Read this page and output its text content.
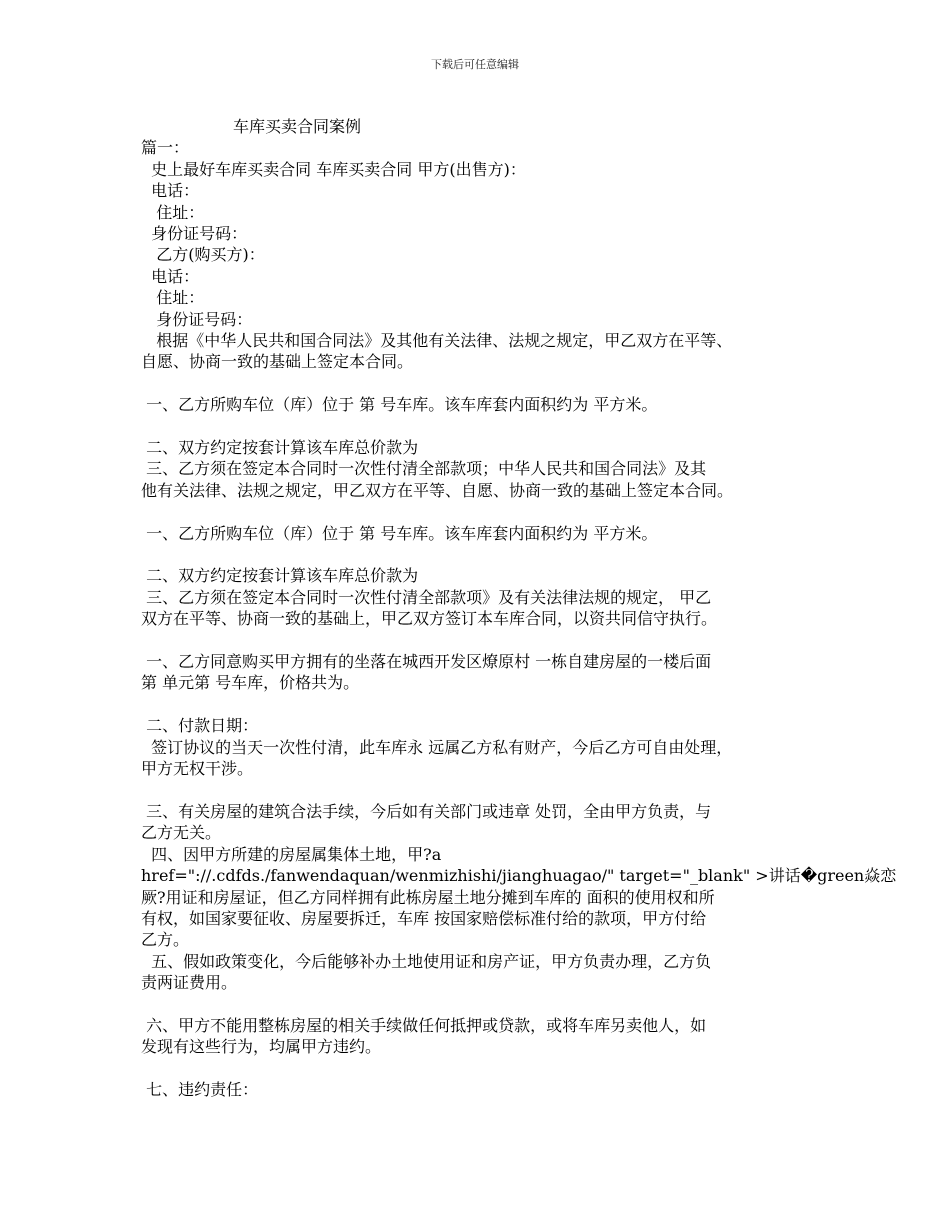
下载后可任意编辑
车库买卖合同案例
篇一：
史上最好车库买卖合同 车库买卖合同 甲方(出售方)：
电话：
住址：
身份证号码：
乙方(购买方)：
电话：
住址：
身份证号码：
根据《中华人民共和国合同法》及其他有关法律、法规之规定，甲乙双方在平等、
自愿、协商一致的基础上签定本合同。
一、乙方所购车位（库）位于 第 号车库。该车库套内面积约为 平方米。
二、双方约定按套计算该车库总价款为
三、乙方须在签定本合同时一次性付清全部款项；中华人民共和国合同法》及其
他有关法律、法规之规定，甲乙双方在平等、自愿、协商一致的基础上签定本合同。
一、乙方所购车位（库）位于 第 号车库。该车库套内面积约为 平方米。
二、双方约定按套计算该车库总价款为
三、乙方须在签定本合同时一次性付清全部款项》及有关法律法规的规定， 甲乙
双方在平等、协商一致的基础上，甲乙双方签订本车库合同，以资共同信守执行。
一、乙方同意购买甲方拥有的坐落在城西开发区燎原村 一栋自建房屋的一楼后面
第 单元第 号车库，价格共为。
二、付款日期：
签订协议的当天一次性付清，此车库永 远属乙方私有财产，今后乙方可自由处理，
甲方无权干涉。
三、有关房屋的建筑合法手续，今后如有关部门或违章 处罚，全由甲方负责，与
乙方无关。
四、因甲方所建的房屋属集体土地，甲?a
href="://.cdfds./fanwendaquan/wenmizhishi/jianghuagao/" target="_blank" >讲话�green焱恋
厥?用证和房屋证，但乙方同样拥有此栋房屋土地分摊到车库的 面积的使用权和所
有权，如国家要征收、房屋要拆迁，车库 按国家赔偿标准付给的款项，甲方付给
乙方。
五、假如政策变化，今后能够补办土地使用证和房产证，甲方负责办理，乙方负
责两证费用。
六、甲方不能用整栋房屋的相关手续做任何抵押或贷款，或将车库另卖他人，如
发现有这些行为，均属甲方违约。
七、违约责任：
